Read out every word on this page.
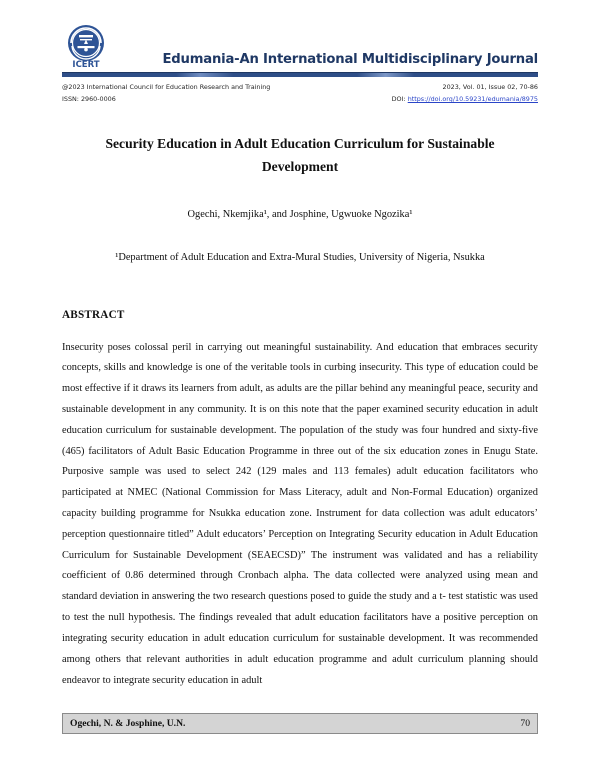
ICERT	Edumania-An International Multidisciplinary Journal
@2023 International Council for Education Research and Training
ISSN: 2960-0006
2023, Vol. 01, Issue 02, 70-86
DOI: https://doi.org/10.59231/edumania/8975
Security Education in Adult Education Curriculum for Sustainable Development
Ogechi, Nkemjika¹, and Josphine, Ugwuoke Ngozika¹
¹Department of Adult Education and Extra-Mural Studies, University of Nigeria, Nsukka
ABSTRACT
Insecurity poses colossal peril in carrying out meaningful sustainability. And education that embraces security concepts, skills and knowledge is one of the veritable tools in curbing insecurity. This type of education could be most effective if it draws its learners from adult, as adults are the pillar behind any meaningful peace, security and sustainable development in any community. It is on this note that the paper examined security education in adult education curriculum for sustainable development. The population of the study was four hundred and sixty-five (465) facilitators of Adult Basic Education Programme in three out of the six education zones in Enugu State. Purposive sample was used to select 242 (129 males and 113 females) adult education facilitators who participated at NMEC (National Commission for Mass Literacy, adult and Non-Formal Education) organized capacity building programme for Nsukka education zone. Instrument for data collection was adult educators’ perception questionnaire titled” Adult educators’ Perception on Integrating Security education in Adult Education Curriculum for Sustainable Development (SEAECSD)” The instrument was validated and has a reliability coefficient of 0.86 determined through Cronbach alpha. The data collected were analyzed using mean and standard deviation in answering the two research questions posed to guide the study and a t- test statistic was used to test the null hypothesis. The findings revealed that adult education facilitators have a positive perception on integrating security education in adult education curriculum for sustainable development. It was recommended among others that relevant authorities in adult education programme and adult curriculum planning should endeavor to integrate security education in adult
Ogechi, N. & Josphine, U.N.	70
